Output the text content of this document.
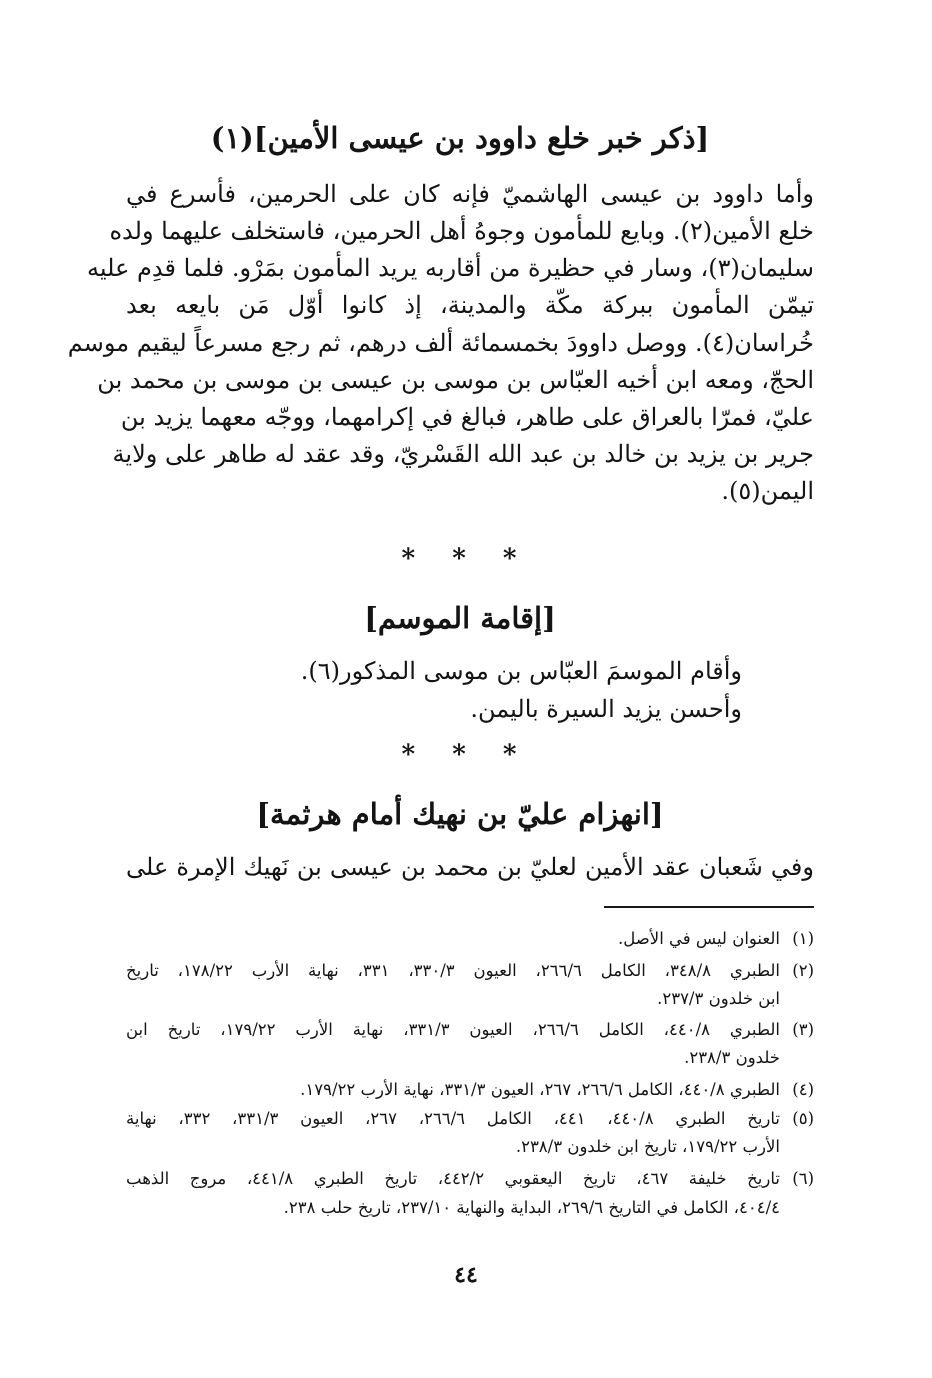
[ذكر خبر خلع داوود بن عيسى الأمين](١)
وأما داوود بن عيسى الهاشميّ فإنه كان على الحرمين، فأسرع في
خلع الأمين(٢). وبايع للمأمون وجوهُ أهل الحرمين، فاستخلف عليهما ولده
سليمان(٣)، وسار في حظيرة من أقاربه يريد المأمون بمَرْو. فلما قدِم عليه
تيمّن المأمون ببركة مكّة والمدينة، إذ كانوا أوّل مَن بايعه بعد
خُراسان(٤). ووصل داوودَ بخمسمائة ألف درهم، ثم رجع مسرعاً ليقيم موسم
الحجّ، ومعه ابن أخيه العبّاس بن موسى بن عيسى بن موسى بن محمد بن
عليّ، فمرّا بالعراق على طاهر، فبالغ في إكرامهما، ووجّه معهما يزيد بن
جرير بن يزيد بن خالد بن عبد الله القَسْريّ، وقد عقد له طاهر على ولاية
اليمن(٥).
* * *
[إقامة الموسم]
وأقام الموسمَ العبّاس بن موسى المذكور(٦).
وأحسن يزيد السيرة باليمن.
* * *
[انهزام عليّ بن نهيك أمام هرثمة]
وفي شَعبان عقد الأمين لعليّ بن محمد بن عيسى بن نَهيك الإمرة على
(١)
العنوان ليس في الأصل.
(٢)
الطبري ٣٤٨/٨، الكامل ٢٦٦/٦، العيون ٣٣٠/٣، ٣٣١، نهاية الأرب ١٧٨/٢٢، تاريخ
ابن خلدون ٢٣٧/٣.
(٣)
الطبري ٤٤٠/٨، الكامل ٢٦٦/٦، العيون ٣٣١/٣، نهاية الأرب ١٧٩/٢٢، تاريخ ابن
خلدون ٢٣٨/٣.
(٤)
الطبري ٤٤٠/٨، الكامل ٢٦٦/٦، ٢٦٧، العيون ٣٣١/٣، نهاية الأرب ١٧٩/٢٢.
(٥)
تاريخ الطبري ٤٤٠/٨، ٤٤١، الكامل ٢٦٦/٦، ٢٦٧، العيون ٣٣١/٣، ٣٣٢، نهاية
الأرب ١٧٩/٢٢، تاريخ ابن خلدون ٢٣٨/٣.
(٦)
تاريخ خليفة ٤٦٧، تاريخ اليعقوبي ٤٤٢/٢، تاريخ الطبري ٤٤١/٨، مروج الذهب
٤٠٤/٤، الكامل في التاريخ ٢٦٩/٦، البداية والنهاية ٢٣٧/١٠، تاريخ حلب ٢٣٨.
٤٤
